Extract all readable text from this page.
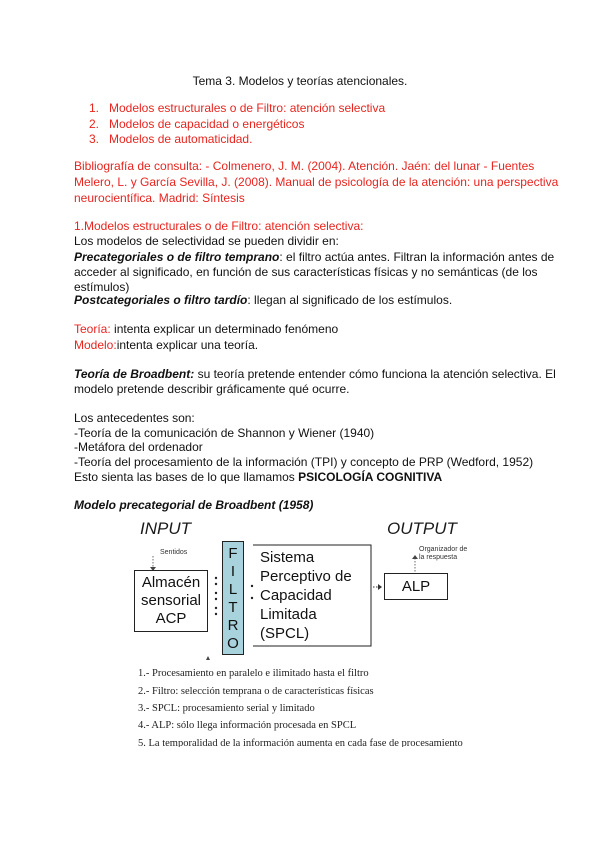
Tema 3. Modelos y teorías atencionales.
1. Modelos estructurales o de Filtro: atención selectiva
2. Modelos de capacidad o energéticos
3. Modelos de automaticidad.
Bibliografía de consulta: - Colmenero, J. M. (2004). Atención. Jaén: del lunar - Fuentes
Melero, L. y García Sevilla, J. (2008). Manual de psicología de la atención: una perspectiva
neurocientífica. Madrid: Síntesis
1.Modelos estructurales o de Filtro: atención selectiva:
Los modelos de selectividad se pueden dividir en:
Precategoriales o de filtro temprano: el filtro actúa antes. Filtran la información antes de
acceder al significado, en función de sus características físicas y no semánticas (de los
estímulos)
Postcategoriales o filtro tardío: llegan al significado de los estímulos.
Teoría: intenta explicar un determinado fenómeno
Modelo:intenta explicar una teoría.
Teoría de Broadbent: su teoría pretende entender cómo funciona la atención selectiva. El
modelo pretende describir gráficamente qué ocurre.
Los antecedentes son:
-Teoría de la comunicación de Shannon y Wiener (1940)
-Metáfora del ordenador
-Teoría del procesamiento de la información (TPI) y concepto de PRP (Wedford, 1952)
Esto sienta las bases de lo que llamamos PSICOLOGÍA COGNITIVA
Modelo precategorial de Broadbent (1958)
INPUT	OUTPUT
Sentidos	Organizador de
la respuesta
Almacén
sensorial
ACP
F
I
L
T
R
O
Sistema
Perceptivo de
Capacidad
Limitada
(SPCL)
ALP
1.- Procesamiento en paralelo e ilimitado hasta el filtro
2.- Filtro: selección temprana o de características físicas
3.- SPCL: procesamiento serial y limitado
4.- ALP: sólo llega información procesada en SPCL
5. La temporalidad de la información aumenta en cada fase de procesamiento
